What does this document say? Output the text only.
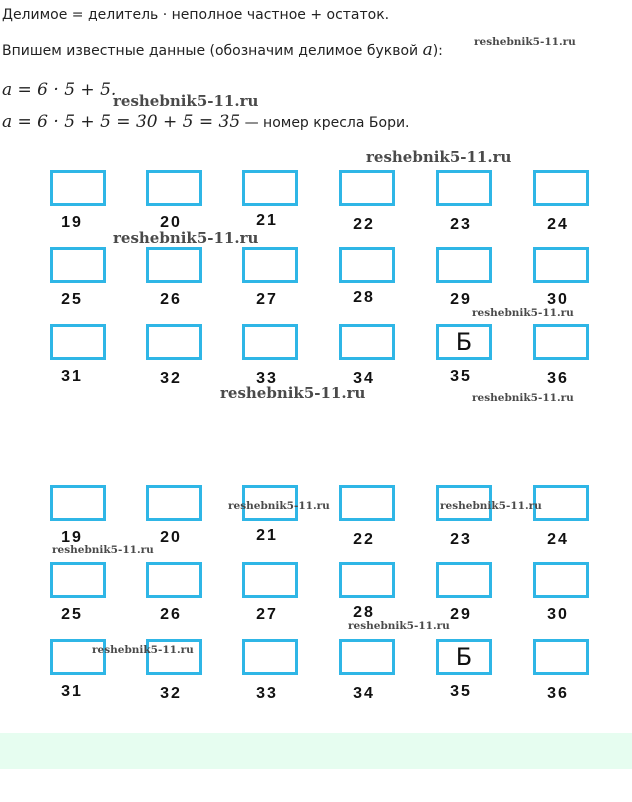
Делимое = делитель · неполное частное + остаток.
Впишем известные данные (обозначим делимое буквой a):
a = 6 · 5 + 5.
a = 6 · 5 + 5 = 30 + 5 = 35 — номер кресла Бори.
reshebnik5-11.ru
reshebnik5-11.ru
reshebnik5-11.ru
reshebnik5-11.ru
reshebnik5-11.ru
reshebnik5-11.ru	reshebnik5-11.ru
19	20	21	22	23	24
25	26	27	28	29	30
31	32	33	34
Б
35	36
19	20	21	22	23	24
25	26	27	28	29	30
31	32	33	34
Б
35	36
reshebnik5-11.ru	reshebnik5-11.ru
reshebnik5-11.ru
reshebnik5-11.ru
reshebnik5-11.ru
